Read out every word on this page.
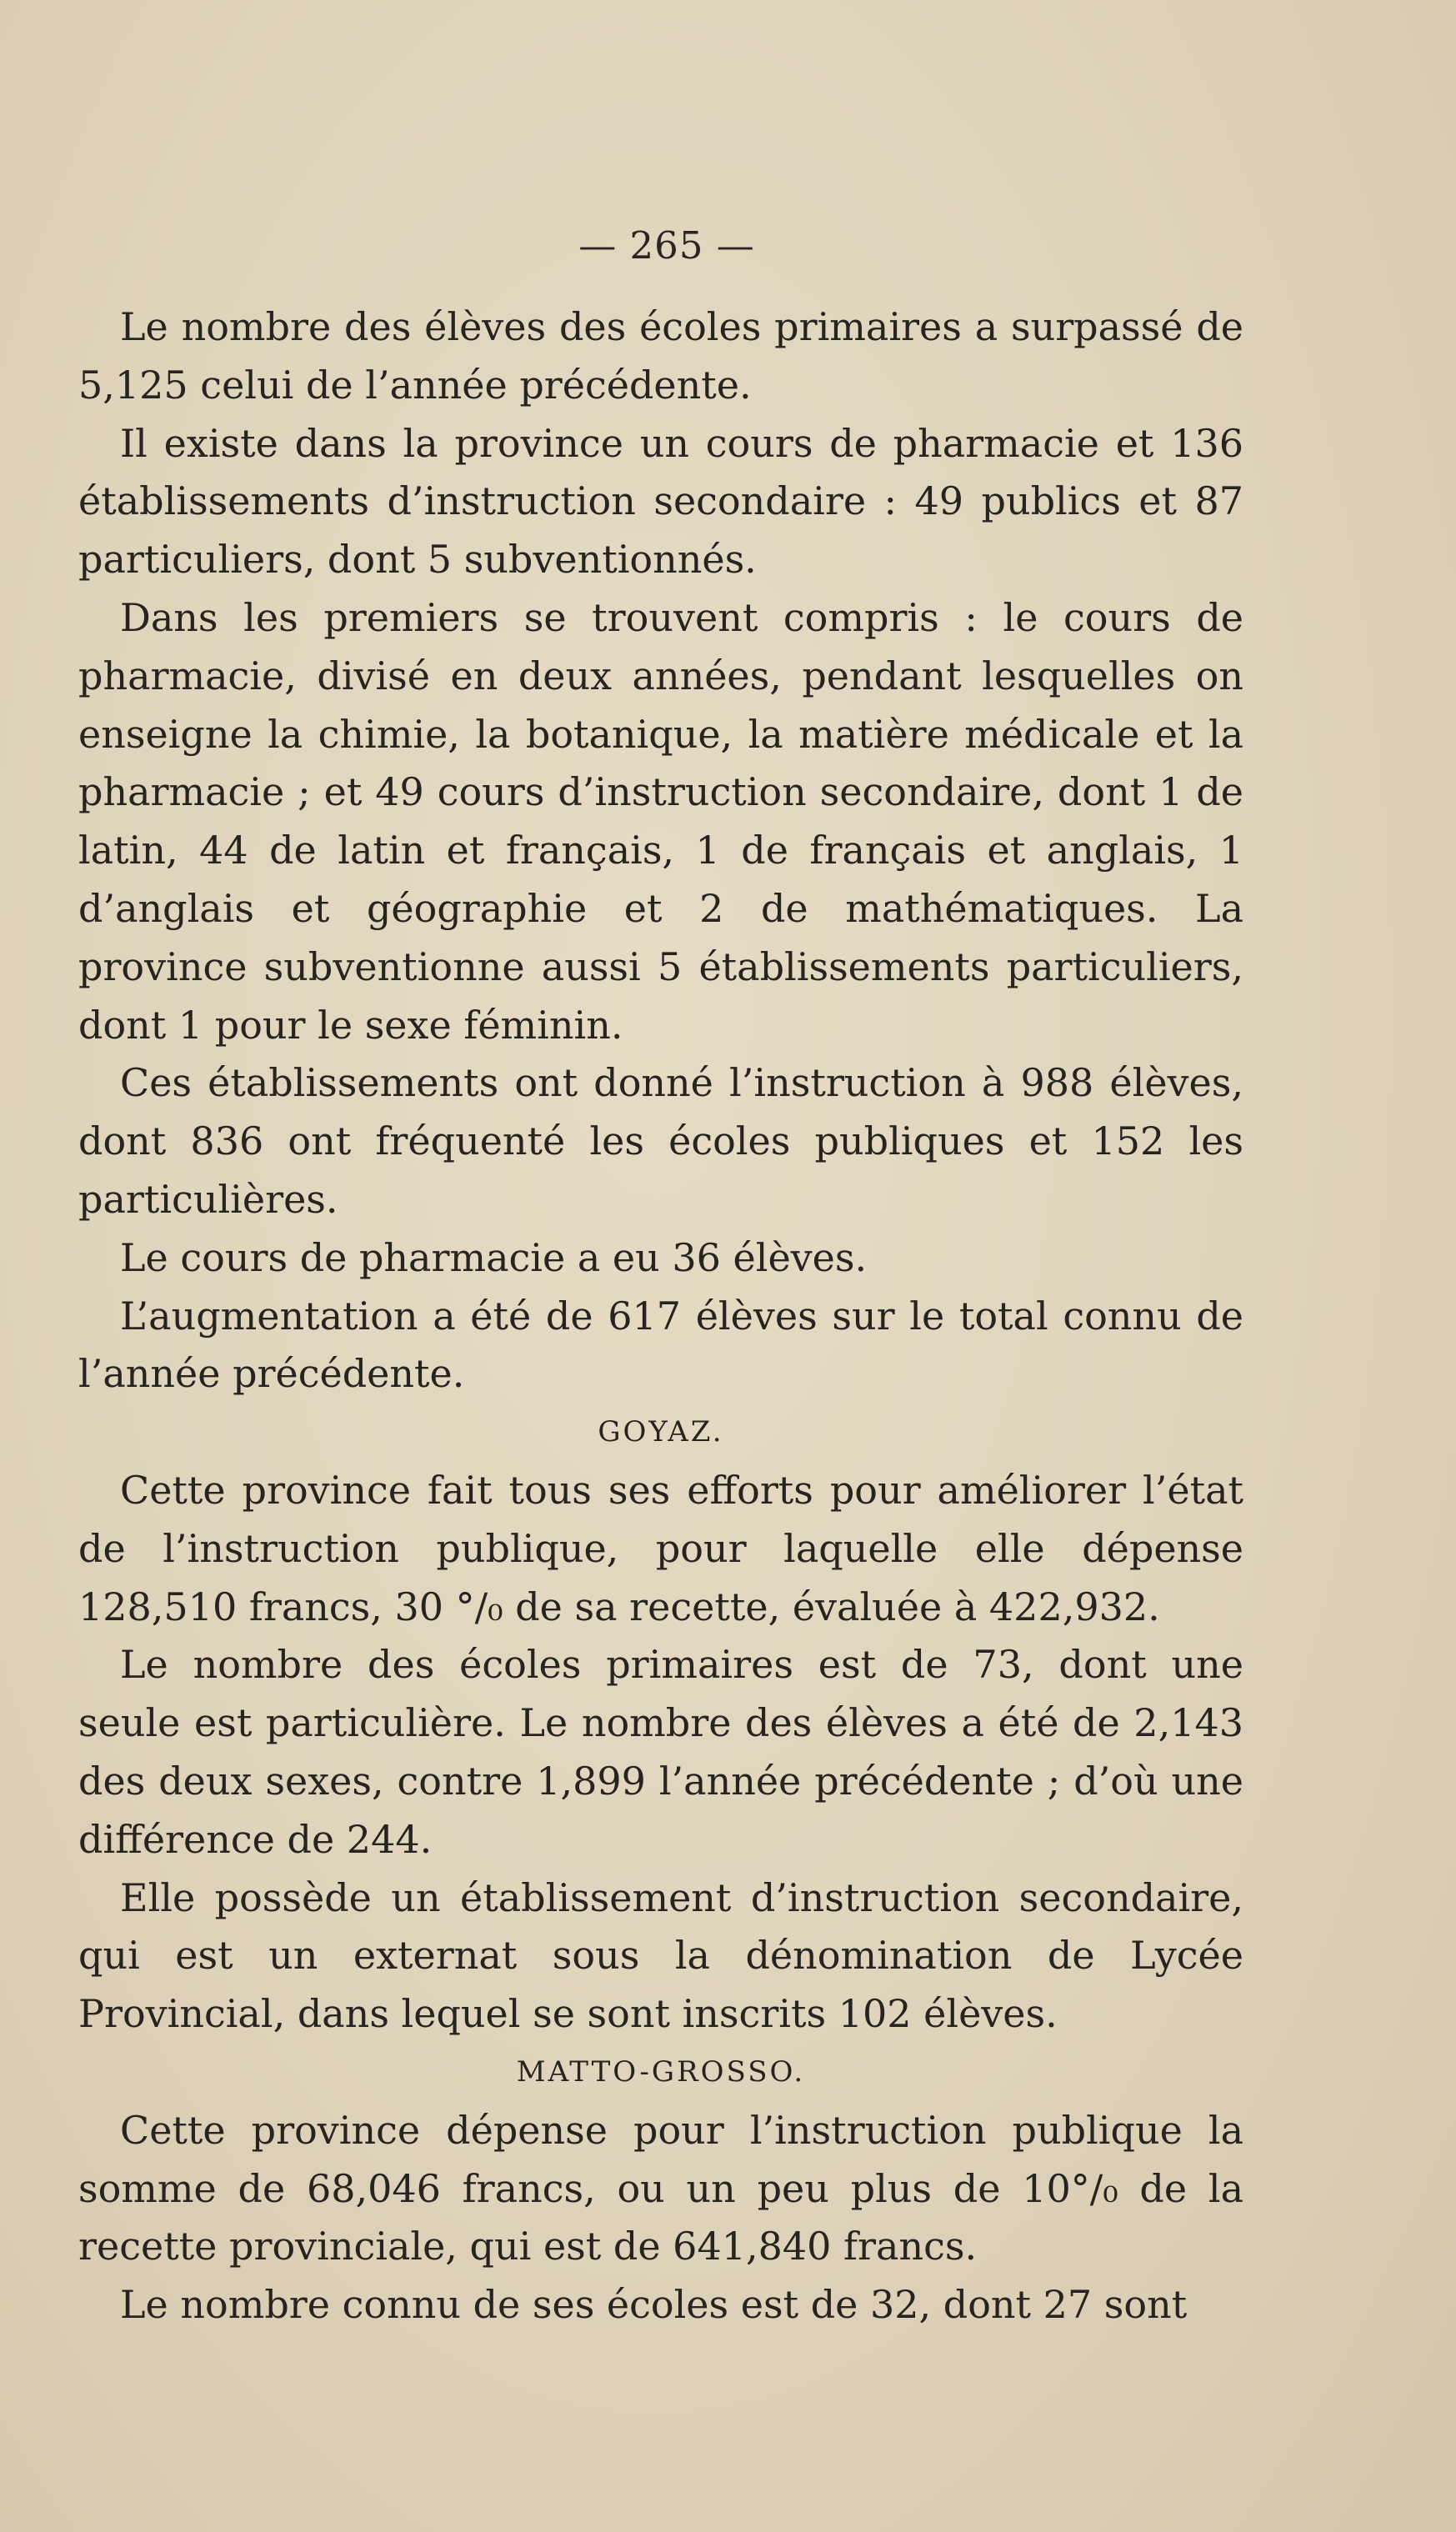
— 265 —

Le nombre des élèves des écoles primaires a surpassé de 5,125 celui de l’année précédente.

Il existe dans la province un cours de pharmacie et 136 établissements d’instruction secondaire : 49 publics et 87 particuliers, dont 5 subventionnés.

Dans les premiers se trouvent compris : le cours de pharmacie, divisé en deux années, pendant lesquelles on enseigne la chimie, la botanique, la matière médicale et la pharmacie ; et 49 cours d’instruction secondaire, dont 1 de latin, 44 de latin et français, 1 de français et anglais, 1 d’anglais et géographie et 2 de mathématiques. La province subventionne aussi 5 établissements particuliers, dont 1 pour le sexe féminin.

Ces établissements ont donné l’instruction à 988 élèves, dont 836 ont fréquenté les écoles publiques et 152 les particulières.

Le cours de pharmacie a eu 36 élèves.

L’augmentation a été de 617 élèves sur le total connu de l’année précédente.

GOYAZ.

Cette province fait tous ses efforts pour améliorer l’état de l’instruction publique, pour laquelle elle dépense 128,510 francs, 30 °/₀ de sa recette, évaluée à 422,932.

Le nombre des écoles primaires est de 73, dont une seule est particulière. Le nombre des élèves a été de 2,143 des deux sexes, contre 1,899 l’année précédente ; d’où une différence de 244.

Elle possède un établissement d’instruction secondaire, qui est un externat sous la dénomination de Lycée Provincial, dans lequel se sont inscrits 102 élèves.

MATTO-GROSSO.

Cette province dépense pour l’instruction publique la somme de 68,046 francs, ou un peu plus de 10°/₀ de la recette provinciale, qui est de 641,840 francs.

Le nombre connu de ses écoles est de 32, dont 27 sont
